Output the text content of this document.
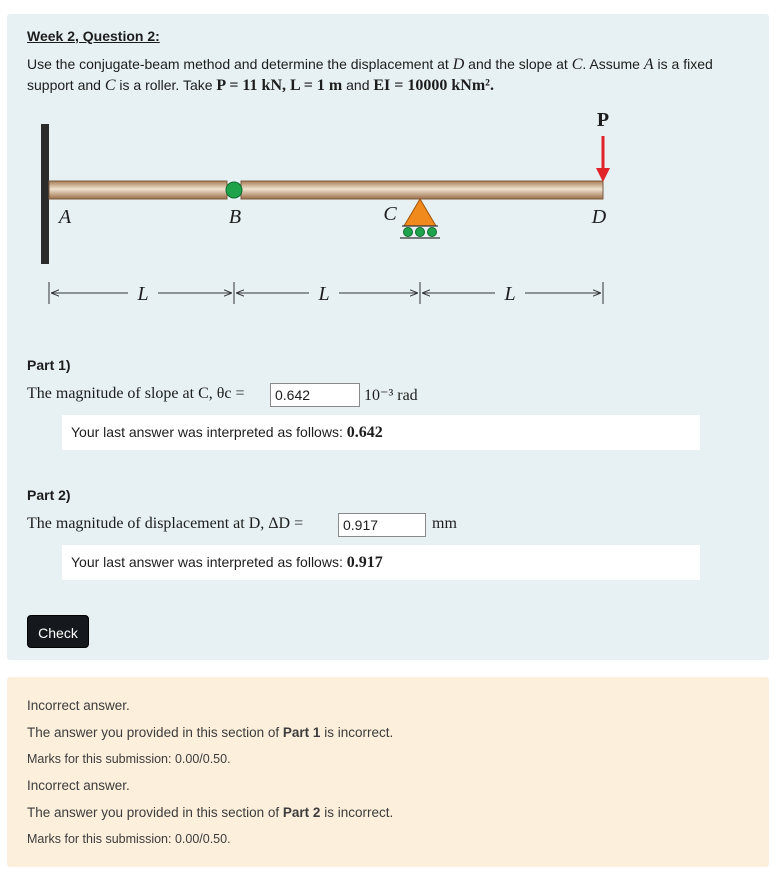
Week 2, Question 2:
Use the conjugate-beam method and determine the displacement at D and the slope at C. Assume A is a fixed
support and C is a roller. Take P = 11 kN, L = 1 m and EI = 10000 kNm².
P
A	B	C	D
L	L	L
Part 1)
The magnitude of slope at C, θc =
0.642	10⁻³ rad
Your last answer was interpreted as follows: 0.642
Part 2)
The magnitude of displacement at D, ΔD =
0.917	mm
Your last answer was interpreted as follows: 0.917
Check
Incorrect answer.
The answer you provided in this section of Part 1 is incorrect.
Marks for this submission: 0.00/0.50.
Incorrect answer.
The answer you provided in this section of Part 2 is incorrect.
Marks for this submission: 0.00/0.50.
